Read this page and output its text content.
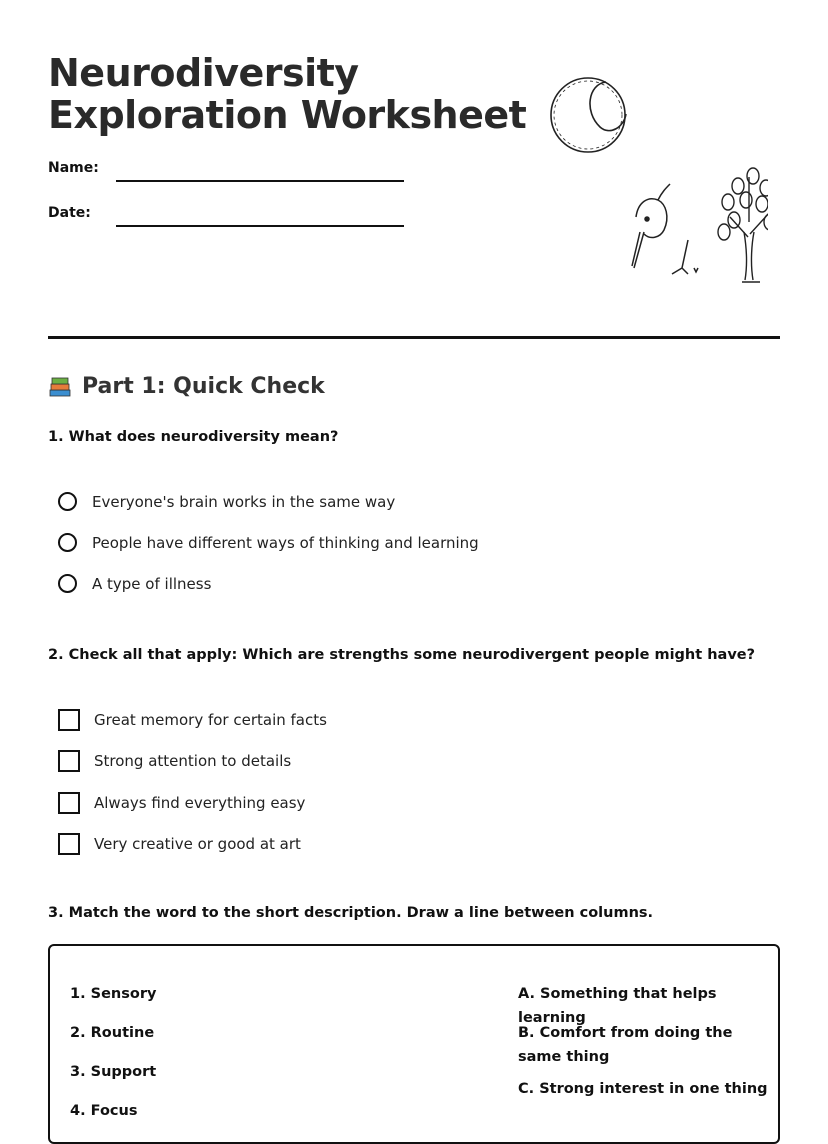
Neurodiversity
Exploration Worksheet
Name:
Date:
Part 1: Quick Check

1. What does neurodiversity mean?

Everyone's brain works in the same way
People have different ways of thinking and learning
A type of illness

2. Check all that apply: Which are strengths some neurodivergent people might have?

Great memory for certain facts
Strong attention to details
Always find everything easy
Very creative or good at art

3. Match the word to the short description. Draw a line between columns.

1. Sensory
2. Routine
3. Support
4. Focus
A. Something that helps learning
B. Comfort from doing the same thing
C. Strong interest in one thing
